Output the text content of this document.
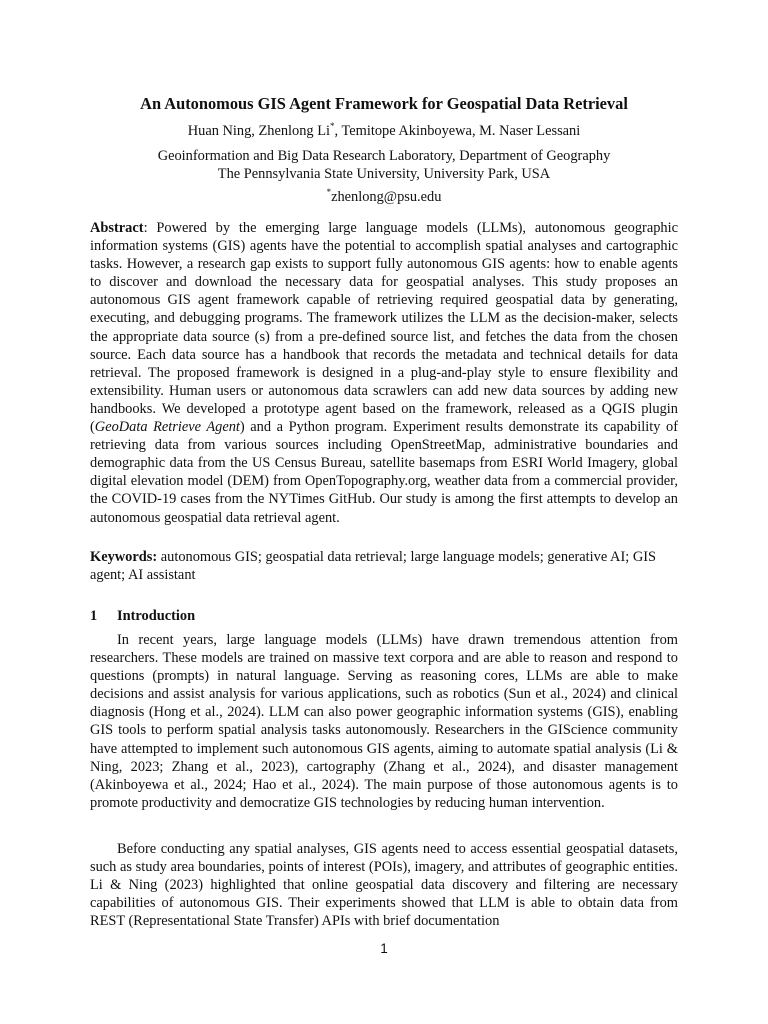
An Autonomous GIS Agent Framework for Geospatial Data Retrieval
Huan Ning, Zhenlong Li*, Temitope Akinboyewa, M. Naser Lessani
Geoinformation and Big Data Research Laboratory, Department of Geography
The Pennsylvania State University, University Park, USA
*zhenlong@psu.edu
Abstract: Powered by the emerging large language models (LLMs), autonomous geographic information systems (GIS) agents have the potential to accomplish spatial analyses and cartographic tasks. However, a research gap exists to support fully autonomous GIS agents: how to enable agents to discover and download the necessary data for geospatial analyses. This study proposes an autonomous GIS agent framework capable of retrieving required geospatial data by generating, executing, and debugging programs. The framework utilizes the LLM as the decision-maker, selects the appropriate data source (s) from a pre-defined source list, and fetches the data from the chosen source. Each data source has a handbook that records the metadata and technical details for data retrieval. The proposed framework is designed in a plug-and-play style to ensure flexibility and extensibility. Human users or autonomous data scrawlers can add new data sources by adding new handbooks. We developed a prototype agent based on the framework, released as a QGIS plugin (GeoData Retrieve Agent) and a Python program. Experiment results demonstrate its capability of retrieving data from various sources including OpenStreetMap, administrative boundaries and demographic data from the US Census Bureau, satellite basemaps from ESRI World Imagery, global digital elevation model (DEM) from OpenTopography.org, weather data from a commercial provider, the COVID-19 cases from the NYTimes GitHub. Our study is among the first attempts to develop an autonomous geospatial data retrieval agent.
Keywords: autonomous GIS; geospatial data retrieval; large language models; generative AI; GIS agent; AI assistant
1 Introduction
In recent years, large language models (LLMs) have drawn tremendous attention from researchers. These models are trained on massive text corpora and are able to reason and respond to questions (prompts) in natural language. Serving as reasoning cores, LLMs are able to make decisions and assist analysis for various applications, such as robotics (Sun et al., 2024) and clinical diagnosis (Hong et al., 2024). LLM can also power geographic information systems (GIS), enabling GIS tools to perform spatial analysis tasks autonomously. Researchers in the GIScience community have attempted to implement such autonomous GIS agents, aiming to automate spatial analysis (Li & Ning, 2023; Zhang et al., 2023), cartography (Zhang et al., 2024), and disaster management (Akinboyewa et al., 2024; Hao et al., 2024). The main purpose of those autonomous agents is to promote productivity and democratize GIS technologies by reducing human intervention.
Before conducting any spatial analyses, GIS agents need to access essential geospatial datasets, such as study area boundaries, points of interest (POIs), imagery, and attributes of geographic entities. Li & Ning (2023) highlighted that online geospatial data discovery and filtering are necessary capabilities of autonomous GIS. Their experiments showed that LLM is able to obtain data from REST (Representational State Transfer) APIs with brief documentation
1
